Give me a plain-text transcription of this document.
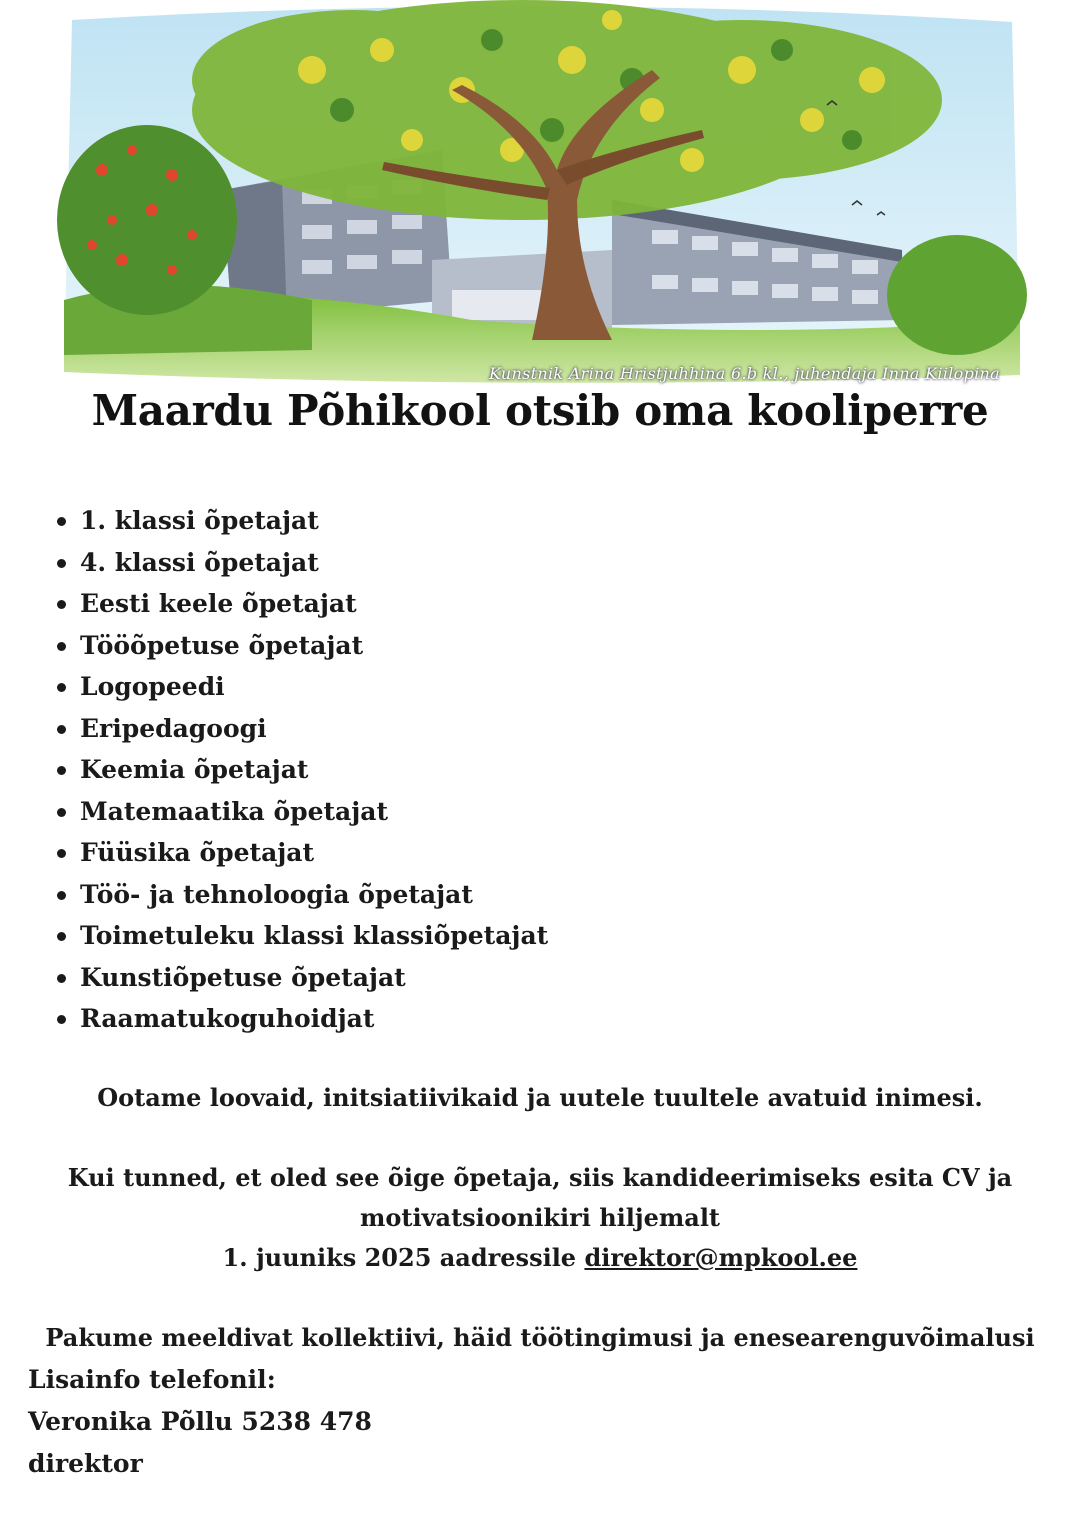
Kunstnik Arina Hristjuhhina 6.b kl., juhendaja Inna Kiilopina
Maardu Põhikool otsib oma kooliperre
1. klassi õpetajat
4. klassi õpetajat
Eesti keele õpetajat
Tööõpetuse õpetajat
Logopeedi
Eripedagoogi
Keemia õpetajat
Matemaatika õpetajat
Füüsika õpetajat
Töö- ja tehnoloogia õpetajat
Toimetuleku klassi klassiõpetajat
Kunstiõpetuse õpetajat
Raamatukoguhoidjat

Ootame loovaid, initsiatiivikaid ja uutele tuultele avatuid inimesi.

Kui tunned, et oled see õige õpetaja, siis kandideerimiseks esita CV ja

motivatsioonikiri hiljemalt

1. juuniks 2025 aadressile direktor@mpkool.ee

Pakume meeldivat kollektiivi, häid töötingimusi ja enesearenguvõimalusi

Lisainfo telefonil:

Veronika Põllu 5238 478

direktor
